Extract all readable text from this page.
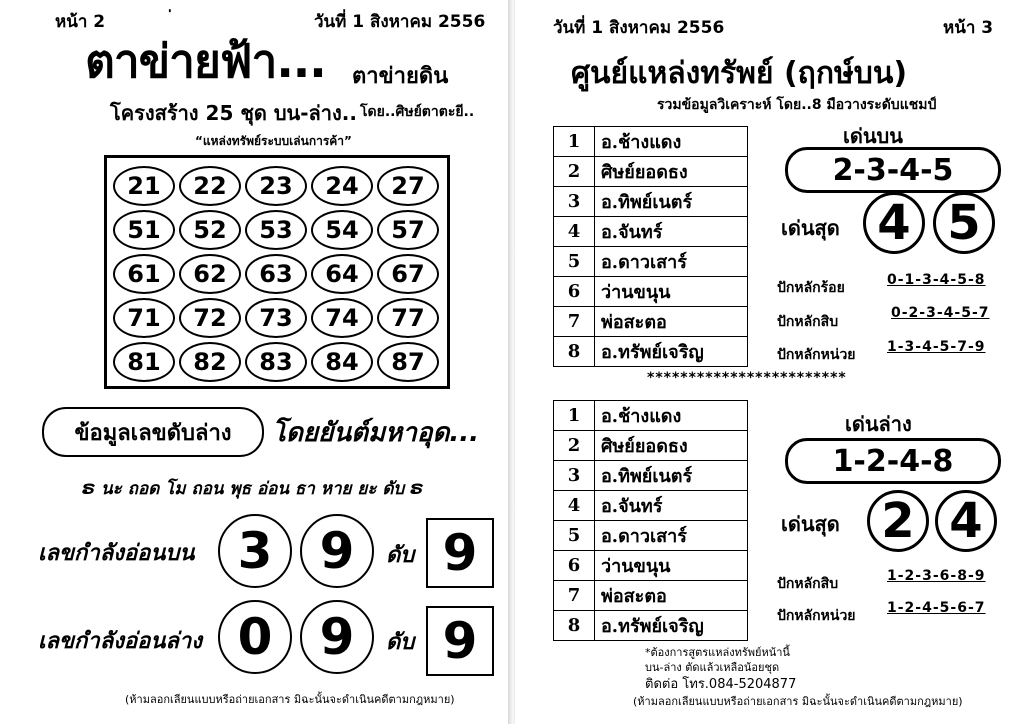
หน้า 2	วันที่ 1 สิงหาคม 2556
ตาข่ายฟ้า... ตาข่ายดิน
โครงสร้าง 25 ชุด บน-ล่าง.. โดย..ศิษย์ตาตะยี..
“แหล่งทรัพย์ระบบเล่นการค้า”
21	22	23	24	27
51	52	53	54	57
61	62	63	64	67
71	72	73	74	77
81	82	83	84	87
ข้อมูลเลขดับล่าง	โดยยันต์มหาอุด...
ຣ นะ ถอด โม ถอน พุธ อ่อน ธา หาย ยะ ดับ ຣ
เลขกำลังอ่อนบน 3 9	ดับ 9
เลขกำลังอ่อนล่าง 0 9	ดับ 9
(ห้ามลอกเลียนแบบหรือถ่ายเอกสาร มิฉะนั้นจะดำเนินคดีตามกฎหมาย)
วันที่ 1 สิงหาคม 2556	หน้า 3
ศูนย์แหล่งทรัพย์ (ฤกษ์บน)
รวมข้อมูลวิเคราะห์ โดย..8 มือวางระดับแชมป์
1	อ.ช้างแดง
2	ศิษย์ยอดธง
3	อ.ทิพย์เนตร์
4	อ.จันทร์
5	อ.ดาวเสาร์
6	ว่านขนุน
7	พ่อสะตอ
8	อ.ทรัพย์เจริญ
เด่นบน
2-3-4-5
เด่นสุด 4 5
ปักหลักร้อย	0-1-3-4-5-8
ปักหลักสิบ
0-2-3-4-5-7
ปักหลักหน่วย 1-3-4-5-7-9
************************
1	อ.ช้างแดง
2	ศิษย์ยอดธง
3	อ.ทิพย์เนตร์
4	อ.จันทร์
5	อ.ดาวเสาร์
6	ว่านขนุน
7	พ่อสะตอ
8	อ.ทรัพย์เจริญ
เด่นล่าง
1-2-4-8
เด่นสุด 2 4
ปักหลักสิบ	1-2-3-6-8-9
ปักหลักหน่วย 1-2-4-5-6-7
*ต้องการสูตรแหล่งทรัพย์หน้านี้
บน-ล่าง ตัดแล้วเหลือน้อยชุด
ติดต่อ โทร.084-5204877
(ห้ามลอกเลียนแบบหรือถ่ายเอกสาร มิฉะนั้นจะดำเนินคดีตามกฎหมาย)
